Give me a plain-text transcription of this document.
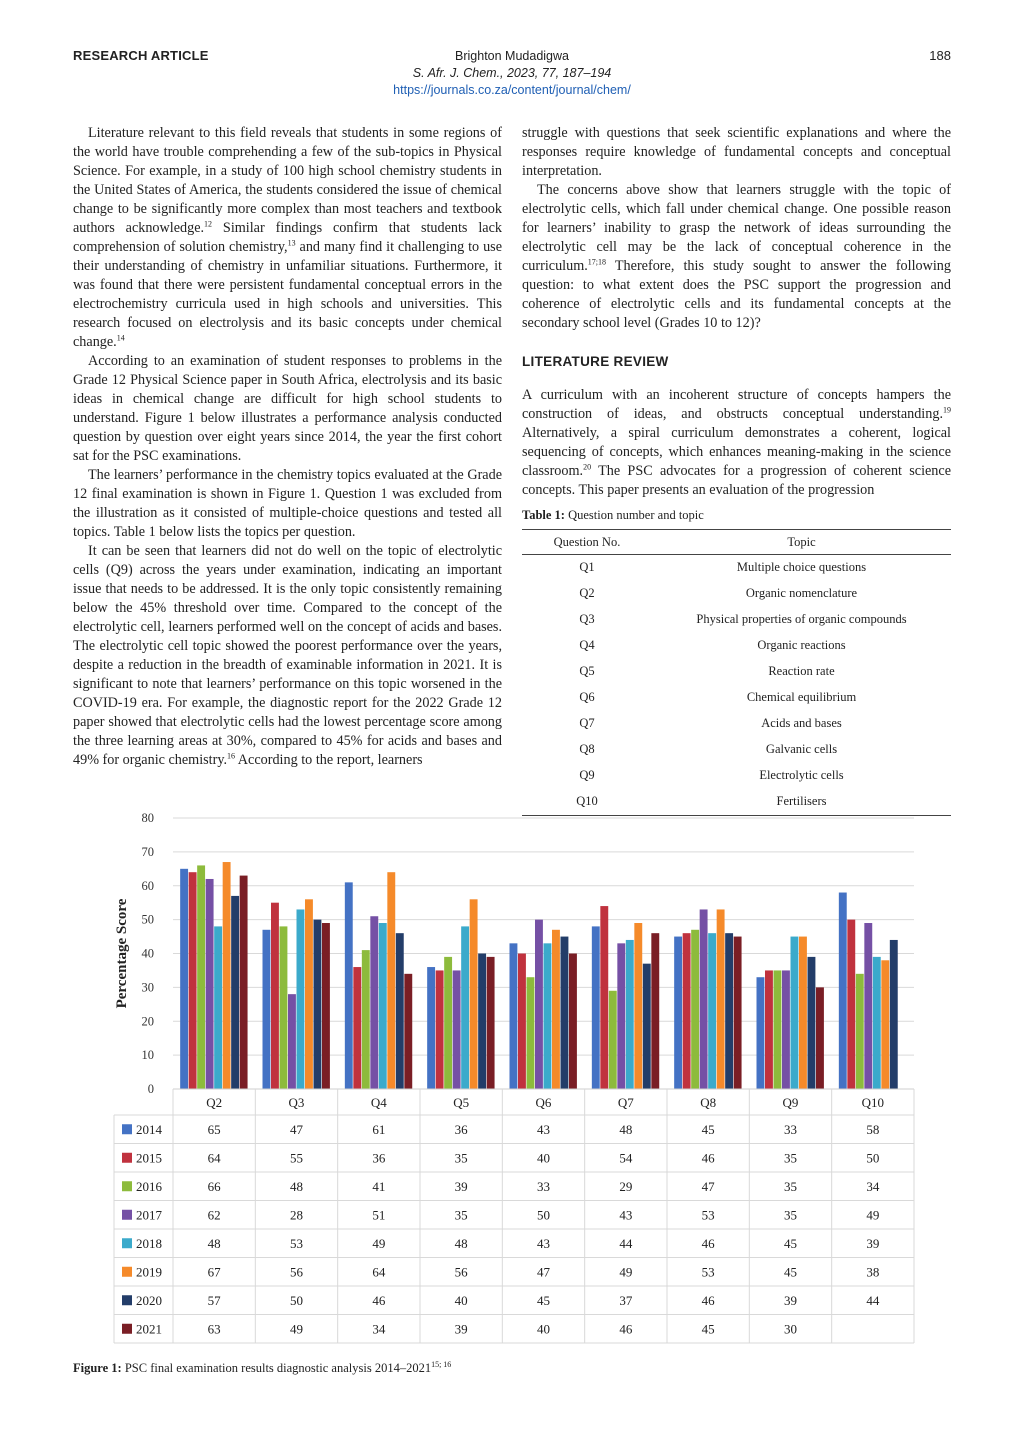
RESEARCH ARTICLE	Brighton Mudadigwa
S. Afr. J. Chem., 2023, 77, 187–194
https://journals.co.za/content/journal/chem/
188

Literature relevant to this field reveals that students in some regions of the world have trouble comprehending a few of the sub-topics in Physical Science. For example, in a study of 100 high school chemistry students in the United States of America, the students considered the issue of chemical change to be significantly more complex than most teachers and textbook authors acknowledge.$^{12}$ Similar findings confirm that students lack comprehension of solution chemistry,$^{13}$ and many find it challenging to use their understanding of chemistry in unfamiliar situations. Furthermore, it was found that there were persistent fundamental conceptual errors in the electrochemistry curricula used in high schools and universities. This research focused on electrolysis and its basic concepts under chemical change.$^{14}$

According to an examination of student responses to problems in the Grade 12 Physical Science paper in South Africa, electrolysis and its basic ideas in chemical change are difficult for high school students to understand. Figure 1 below illustrates a performance analysis conducted question by question over eight years since 2014, the year the first cohort sat for the PSC examinations.

The learners’ performance in the chemistry topics evaluated at the Grade 12 final examination is shown in Figure 1. Question 1 was excluded from the illustration as it consisted of multiple-choice questions and tested all topics. Table 1 below lists the topics per question.

It can be seen that learners did not do well on the topic of electrolytic cells (Q9) across the years under examination, indicating an important issue that needs to be addressed. It is the only topic consistently remaining below the 45% threshold over time. Compared to the concept of the electrolytic cell, learners performed well on the concept of acids and bases. The electrolytic cell topic showed the poorest performance over the years, despite a reduction in the breadth of examinable information in 2021. It is significant to note that learners’ performance on this topic worsened in the COVID-19 era. For example, the diagnostic report for the 2022 Grade 12 paper showed that electrolytic cells had the lowest percentage score among the three learning areas at 30%, compared to 45% for acids and bases and 49% for organic chemistry.$^{16}$ According to the report, learners

struggle with questions that seek scientific explanations and where the responses require knowledge of fundamental concepts and conceptual interpretation.

The concerns above show that learners struggle with the topic of electrolytic cells, which fall under chemical change. One possible reason for learners’ inability to grasp the network of ideas surrounding the electrolytic cell may be the lack of conceptual coherence in the curriculum.$^{17;18}$ Therefore, this study sought to answer the following question: to what extent does the PSC support the progression and coherence of electrolytic cells and its fundamental concepts at the secondary school level (Grades 10 to 12)?

LITERATURE REVIEW

A curriculum with an incoherent structure of concepts hampers the construction of ideas, and obstructs conceptual understanding.$^{19}$ Alternatively, a spiral curriculum demonstrates a coherent, logical sequencing of concepts, which enhances meaning-making in the science classroom.$^{20}$ The PSC advocates for a progression of coherent science concepts. This paper presents an evaluation of the progression

Table 1: Question number and topic
Question No.	Topic
Q1	Multiple choice questions
Q2	Organic nomenclature
Q3	Physical properties of organic compounds
Q4	Organic reactions
Q5	Reaction rate
Q6	Chemical equilibrium
Q7	Acids and bases
Q8	Galvanic cells
Q9	Electrolytic cells
Q10	Fertilisers
0
10
20
30
40
50
60
70
80
Percentage Score
Q2	Q3	Q4	Q5	Q6	Q7	Q8	Q9	Q10
2014	65	47	61	36	43	48	45	33	58
2015	64	55	36	35	40	54	46	35	50
2016	66	48	41	39	33	29	47	35	34
2017	62	28	51	35	50	43	53	35	49
2018	48	53	49	48	43	44	46	45	39
2019	67	56	64	56	47	49	53	45	38
2020	57	50	46	40	45	37	46	39	44
2021	63	49	34	39	40	46	45	30
Figure 1: PSC final examination results diagnostic analysis 2014–2021$^{15; 16}$
